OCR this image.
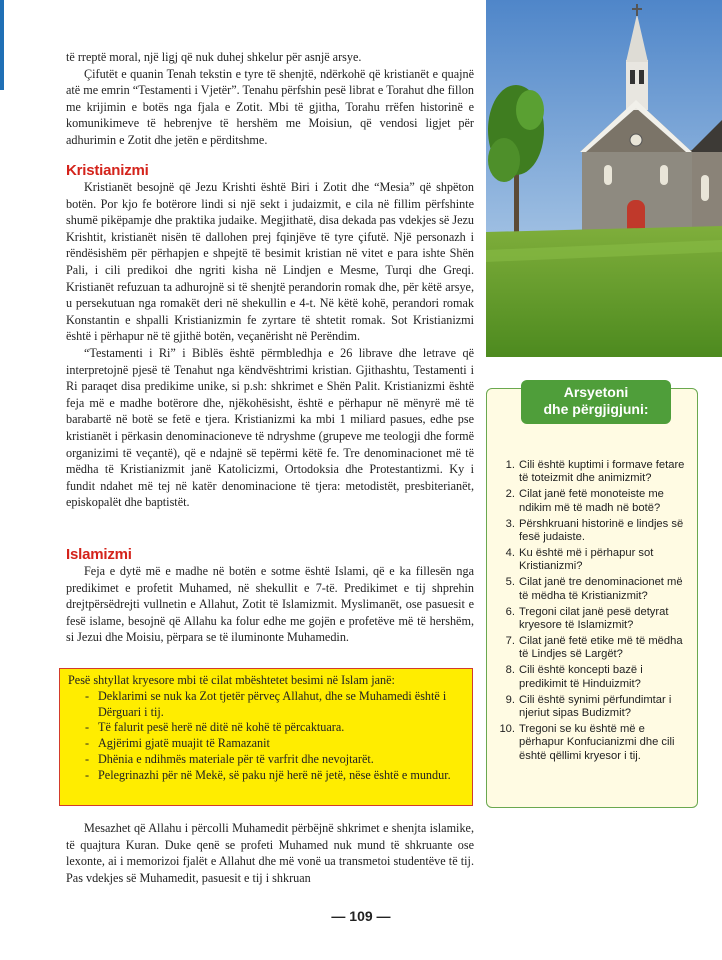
të rreptë moral, një ligj që nuk duhej shkelur për asnjë arsye.

Çifutët e quanin Tenah tekstin e tyre të shenjtë, ndërkohë që kristianët e quajnë atë me emrin “Testamenti i Vjetër”. Tenahu përfshin pesë librat e Torahut dhe fillon me krijimin e botës nga fjala e Zotit. Mbi të gjitha, Torahu rrëfen historinë e komunikimeve të hebrenjve të hershëm me Moisiun, që vendosi ligjet për adhurimin e Zotit dhe jetën e përditshme.

Kristianizmi

Kristianët besojnë që Jezu Krishti është Biri i Zotit dhe “Mesia” që shpëton botën. Por kjo fe botërore lindi si një sekt i judaizmit, e cila në fillim përfshinte shumë pikëpamje dhe praktika judaike. Megjithatë, disa dekada pas vdekjes së Jezu Krishtit, kristianët nisën të dallohen prej fqinjëve të tyre çifutë. Një personazh i rëndësishëm për përhapjen e shpejtë të besimit kristian në vitet e para ishte Shën Pali, i cili predikoi dhe ngriti kisha në Lindjen e Mesme, Turqi dhe Greqi. Kristianët refuzuan ta adhurojnë si të shenjtë perandorin romak dhe, për këtë arsye, u persekutuan nga romakët deri në shekullin e 4-t. Në këtë kohë, perandori romak Konstantin e shpalli Kristianizmin fe zyrtare të shtetit romak. Sot Kristianizmi është i përhapur në të gjithë botën, veçanërisht në Perëndim.

“Testamenti i Ri” i Biblës është përmbledhja e 26 librave dhe letrave që interpretojnë pjesë të Tenahut nga këndvështrimi kristian. Gjithashtu, Testamenti i Ri paraqet disa predikime unike, si p.sh: shkrimet e Shën Palit. Kristianizmi është feja më e madhe botërore dhe, njëkohësisht, është e përhapur në mënyrë më të barabartë në botë se fetë e tjera. Kristianizmi ka mbi 1 miliard pasues, edhe pse kristianët i përkasin denominacioneve të ndryshme (grupeve me teologji dhe formë organizimi të veçantë), që e ndajnë së tepërmi këtë fe. Tre denominacionet më të mëdha të Kristianizmit janë Katolicizmi, Ortodoksia dhe Protestantizmi. Ky i fundit ndahet më tej në katër denominacione të tjera: metodistët, presbiterianët, episkopalët dhe baptistët.

Islamizmi

Feja e dytë më e madhe në botën e sotme është Islami, që e ka fillesën nga predikimet e profetit Muhamed, në shekullit e 7-të. Predikimet e tij shprehin drejtpërsëdrejti vullnetin e Allahut, Zotit të Islamizmit. Myslimanët, ose pasuesit e fesë islame, besojnë që Allahu ka folur edhe me gojën e profetëve më të hershëm, si Jezui dhe Moisiu, përpara se të iluminonte Muhamedin.

Pesë shtyllat kryesore mbi të cilat mbështetet besimi në Islam janë:
- Deklarimi se nuk ka Zot tjetër përveç Allahut, dhe se Muhamedi është i Dërguari i tij.
- Të falurit pesë herë në ditë në kohë të përcaktuara.
- Agjërimi gjatë muajit të Ramazanit
- Dhënia e ndihmës materiale për të varfrit dhe nevojtarët.
- Pelegrinazhi për në Mekë, së paku një herë në jetë, nëse është e mundur.

Mesazhet që Allahu i përcolli Muhamedit përbëjnë shkrimet e shenjta islamike, të quajtura Kuran. Duke qenë se profeti Muhamed nuk mund të shkruante ose lexonte, ai i memorizoi fjalët e Allahut dhe më vonë ua transmetoi studentëve të tij. Pas vdekjes së Muhamedit, pasuesit e tij i shkruan

Arsyetoni
dhe përgjigjuni:
1. Cili është kuptimi i formave fetare të toteizmit dhe animizmit?
2. Cilat janë fetë monoteiste me ndikim më të madh në botë?
3. Përshkruani historinë e lindjes së fesë judaiste.
4. Ku është më i përhapur sot Kristianizmi?
5. Cilat janë tre denominacionet më të mëdha të Kristianizmit?
6. Tregoni cilat janë pesë detyrat kryesore të Islamizmit?
7. Cilat janë fetë etike më të mëdha të Lindjes së Largët?
8. Cili është koncepti bazë i predikimit të Hinduizmit?
9. Cili është synimi përfundimtar i njeriut sipas Budizmit?
10. Tregoni se ku është më e përhapur Konfucianizmi dhe cili është qëllimi kryesor i tij.
— 109 —
